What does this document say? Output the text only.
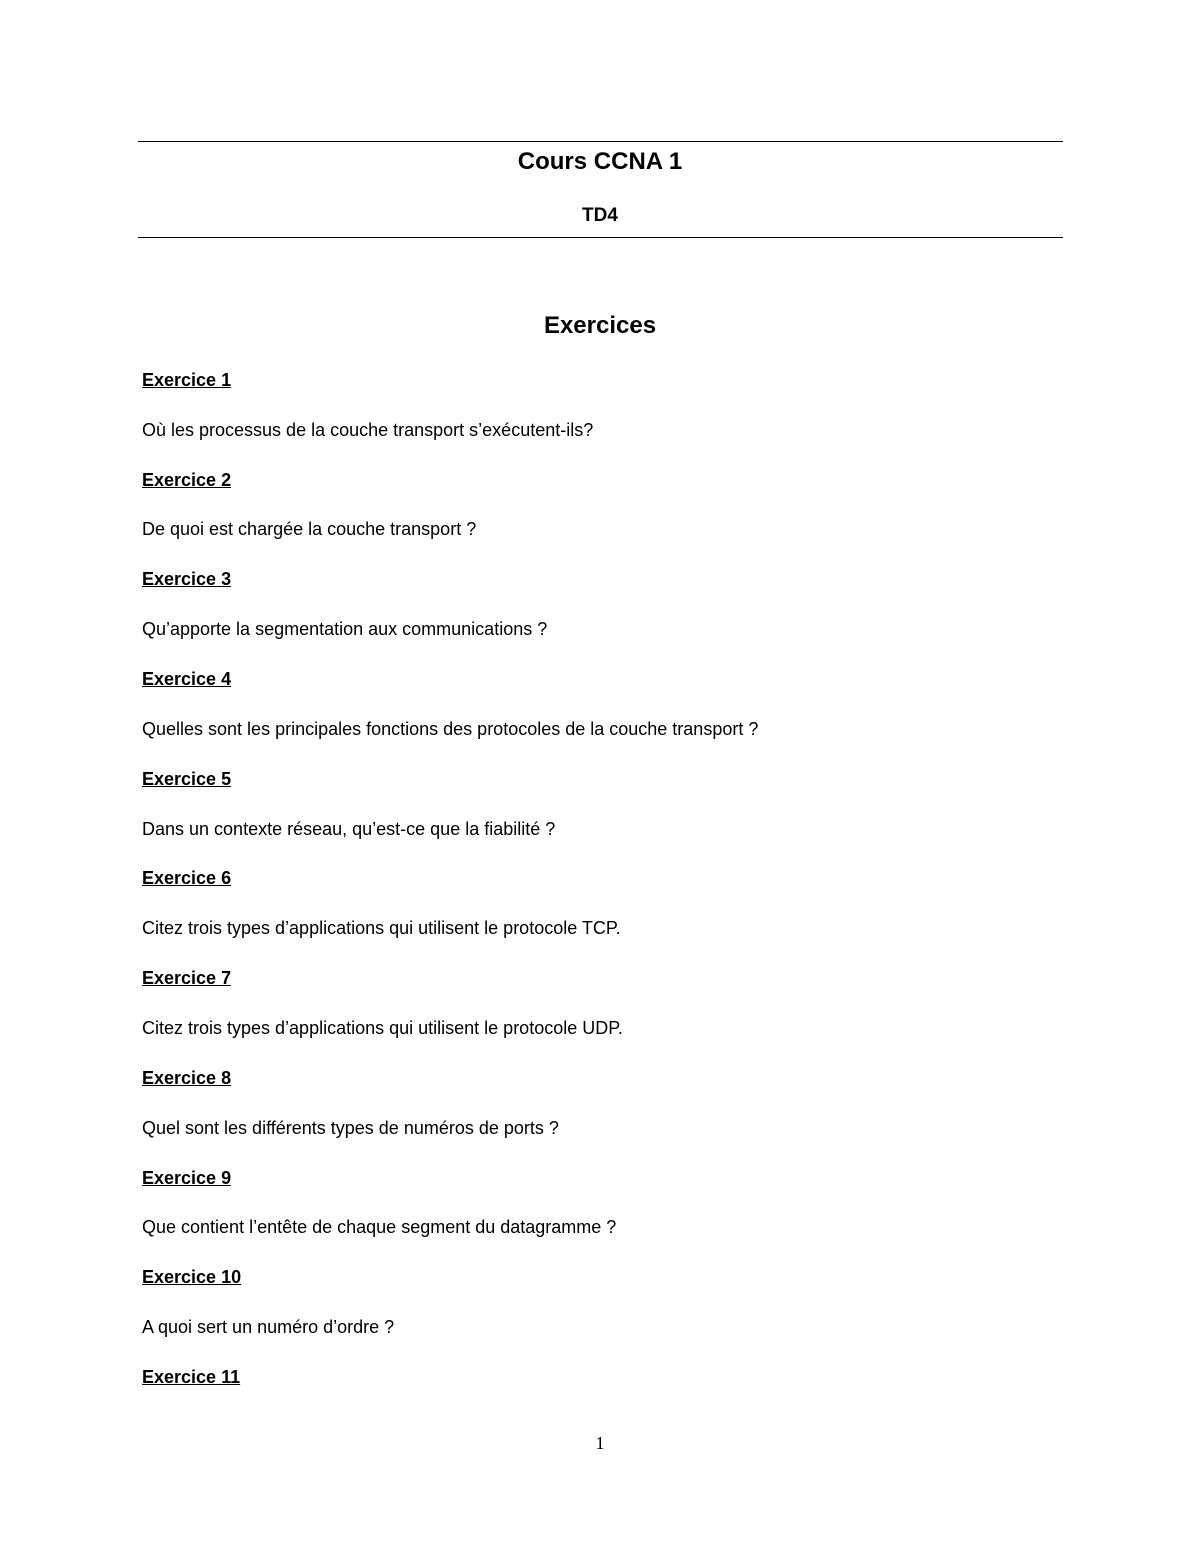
Cours CCNA 1
TD4
Exercices
Exercice 1
Où les processus de la couche transport s’exécutent-ils?
Exercice 2
De quoi est chargée la couche transport ?
Exercice 3
Qu’apporte la segmentation aux communications ?
Exercice 4
Quelles sont les principales fonctions des protocoles de la couche transport ?
Exercice 5
Dans un contexte réseau, qu’est-ce que la fiabilité ?
Exercice 6
Citez trois types d’applications qui utilisent le protocole TCP.
Exercice 7
Citez trois types d’applications qui utilisent le protocole UDP.
Exercice 8
Quel sont les différents types de numéros de ports ?
Exercice 9
Que contient l’entête de chaque segment du datagramme ?
Exercice 10
A quoi sert un numéro d’ordre ?
Exercice 11
1
